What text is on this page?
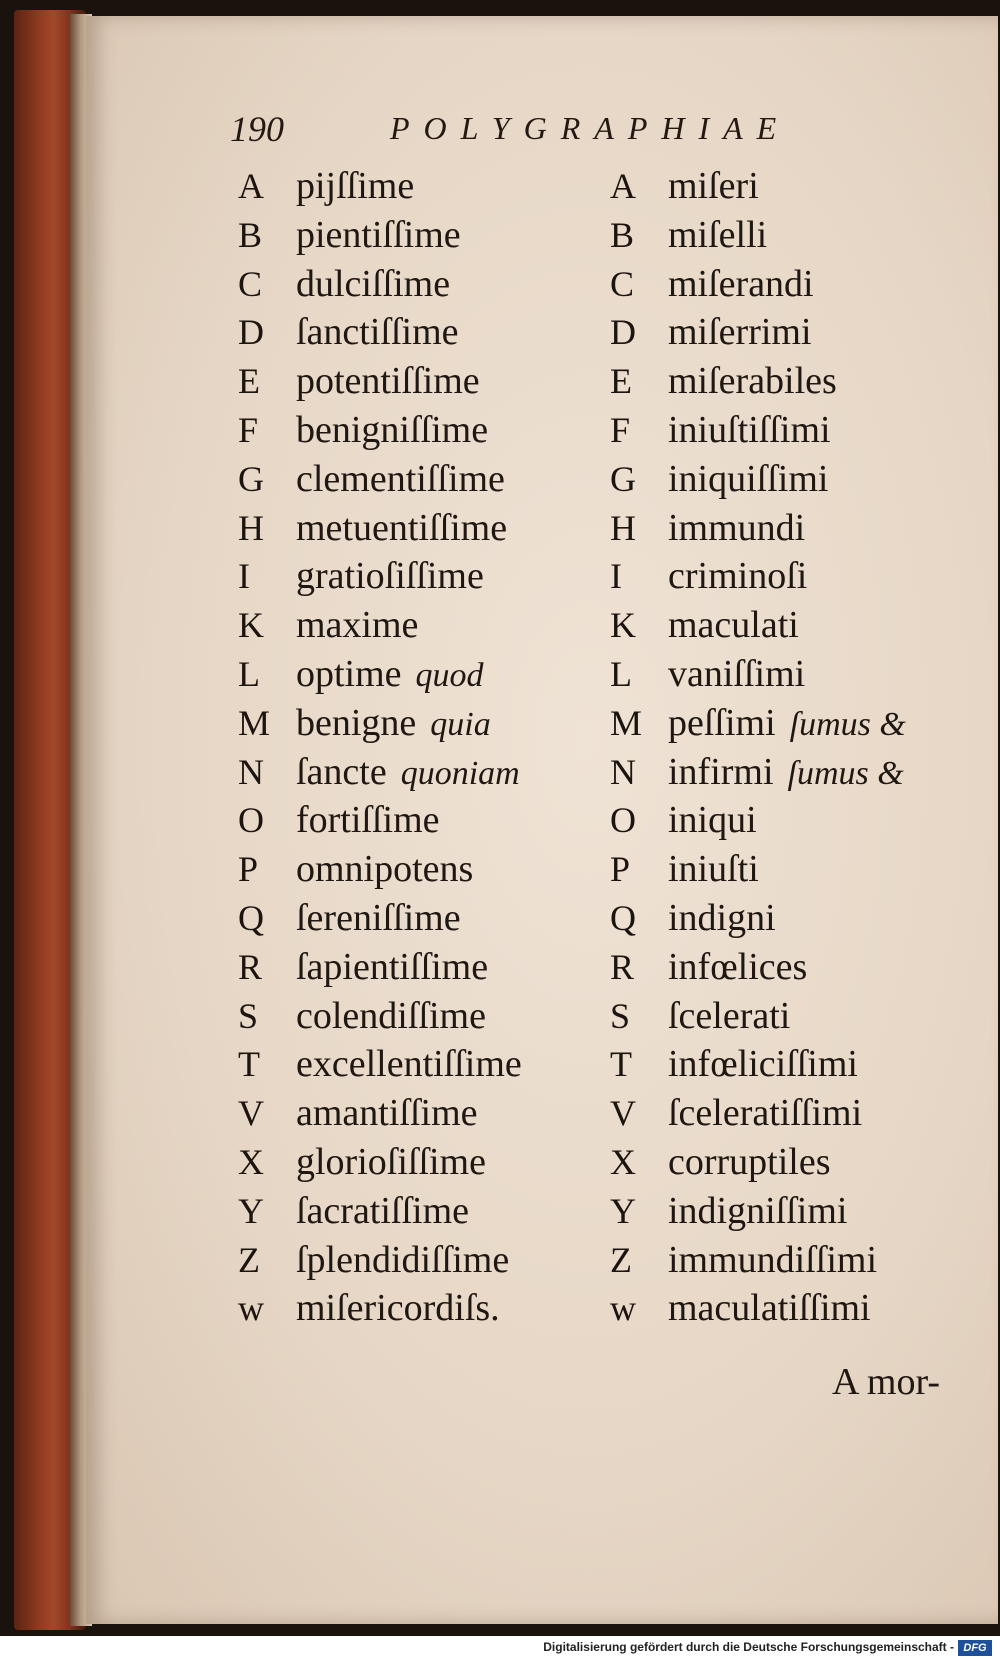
190	POLYGRAPHIAE
A pijſſime
B pientiſſime
C dulciſſime
D ſanctiſſime
E potentiſſime
F benigniſſime
G clementiſſime
H metuentiſſime
I gratioſiſſime
K maxime
L optime quod
M benigne quia
N ſancte quoniam
O fortiſſime
P omnipotens
Q ſereniſſime
R ſapientiſſime
S colendiſſime
T excellentiſſime
V amantiſſime
X glorioſiſſime
Y ſacratiſſime
Z ſplendidiſſime
w miſericordiſs.
A miſeri
B miſelli
C miſerandi
D miſerrimi
E miſerabiles
F iniuſtiſſimi
G iniquiſſimi
H immundi
I criminoſi
K maculati
L vaniſſimi
M peſſimi ſumus &
N infirmi ſumus &
O iniqui
P iniuſti
Q indigni
R infœlices
S ſcelerati
T infœliciſſimi
V ſceleratiſſimi
X corruptiles
Y indigniſſimi
Z immundiſſimi
w maculatiſſimi
A mor-
Digitalisierung gefördert durch die Deutsche Forschungsgemeinschaft - DFG
